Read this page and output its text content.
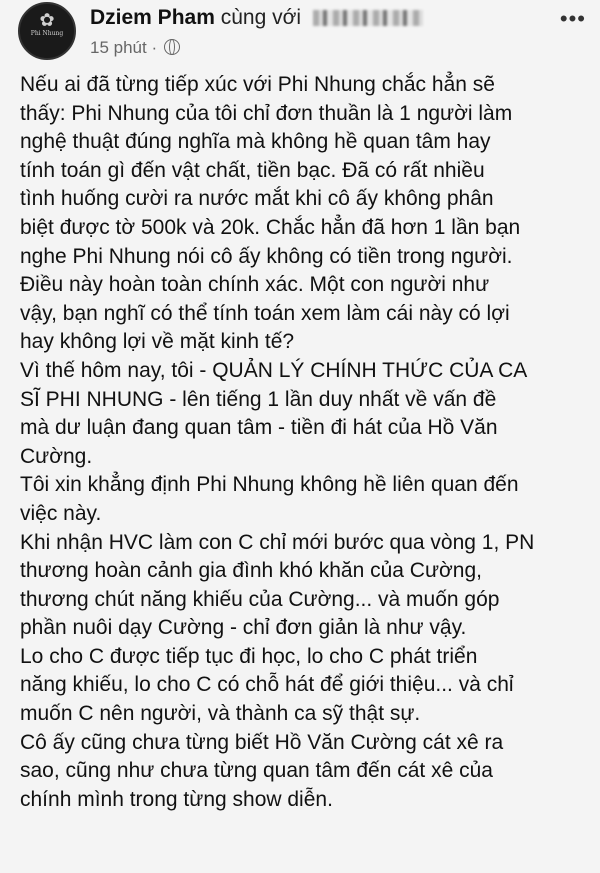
✿
Phi Nhung
Dziem Pham cùng với
15 phút ·
•••

Nếu ai đã từng tiếp xúc với Phi Nhung chắc hẳn sẽ

thấy: Phi Nhung của tôi chỉ đơn thuần là 1 người làm

nghệ thuật đúng nghĩa mà không hề quan tâm hay

tính toán gì đến vật chất, tiền bạc. Đã có rất nhiều

tình huống cười ra nước mắt khi cô ấy không phân

biệt được tờ 500k và 20k. Chắc hẳn đã hơn 1 lần bạn

nghe Phi Nhung nói cô ấy không có tiền trong người.

Điều này hoàn toàn chính xác. Một con người như

vậy, bạn nghĩ có thể tính toán xem làm cái này có lợi

hay không lợi về mặt kinh tế?

Vì thế hôm nay, tôi - QUẢN LÝ CHÍNH THỨC CỦA CA

SĨ PHI NHUNG - lên tiếng 1 lần duy nhất về vấn đề

mà dư luận đang quan tâm - tiền đi hát của Hồ Văn

Cường.

Tôi xin khẳng định Phi Nhung không hề liên quan đến

việc này.

Khi nhận HVC làm con C chỉ mới bước qua vòng 1, PN

thương hoàn cảnh gia đình khó khăn của Cường,

thương chút năng khiếu của Cường... và muốn góp

phần nuôi dạy Cường - chỉ đơn giản là như vậy.

Lo cho C được tiếp tục đi học, lo cho C phát triển

năng khiếu, lo cho C có chỗ hát để giới thiệu... và chỉ

muốn C nên người, và thành ca sỹ thật sự.

Cô ấy cũng chưa từng biết Hồ Văn Cường cát xê ra

sao, cũng như chưa từng quan tâm đến cát xê của

chính mình trong từng show diễn.
